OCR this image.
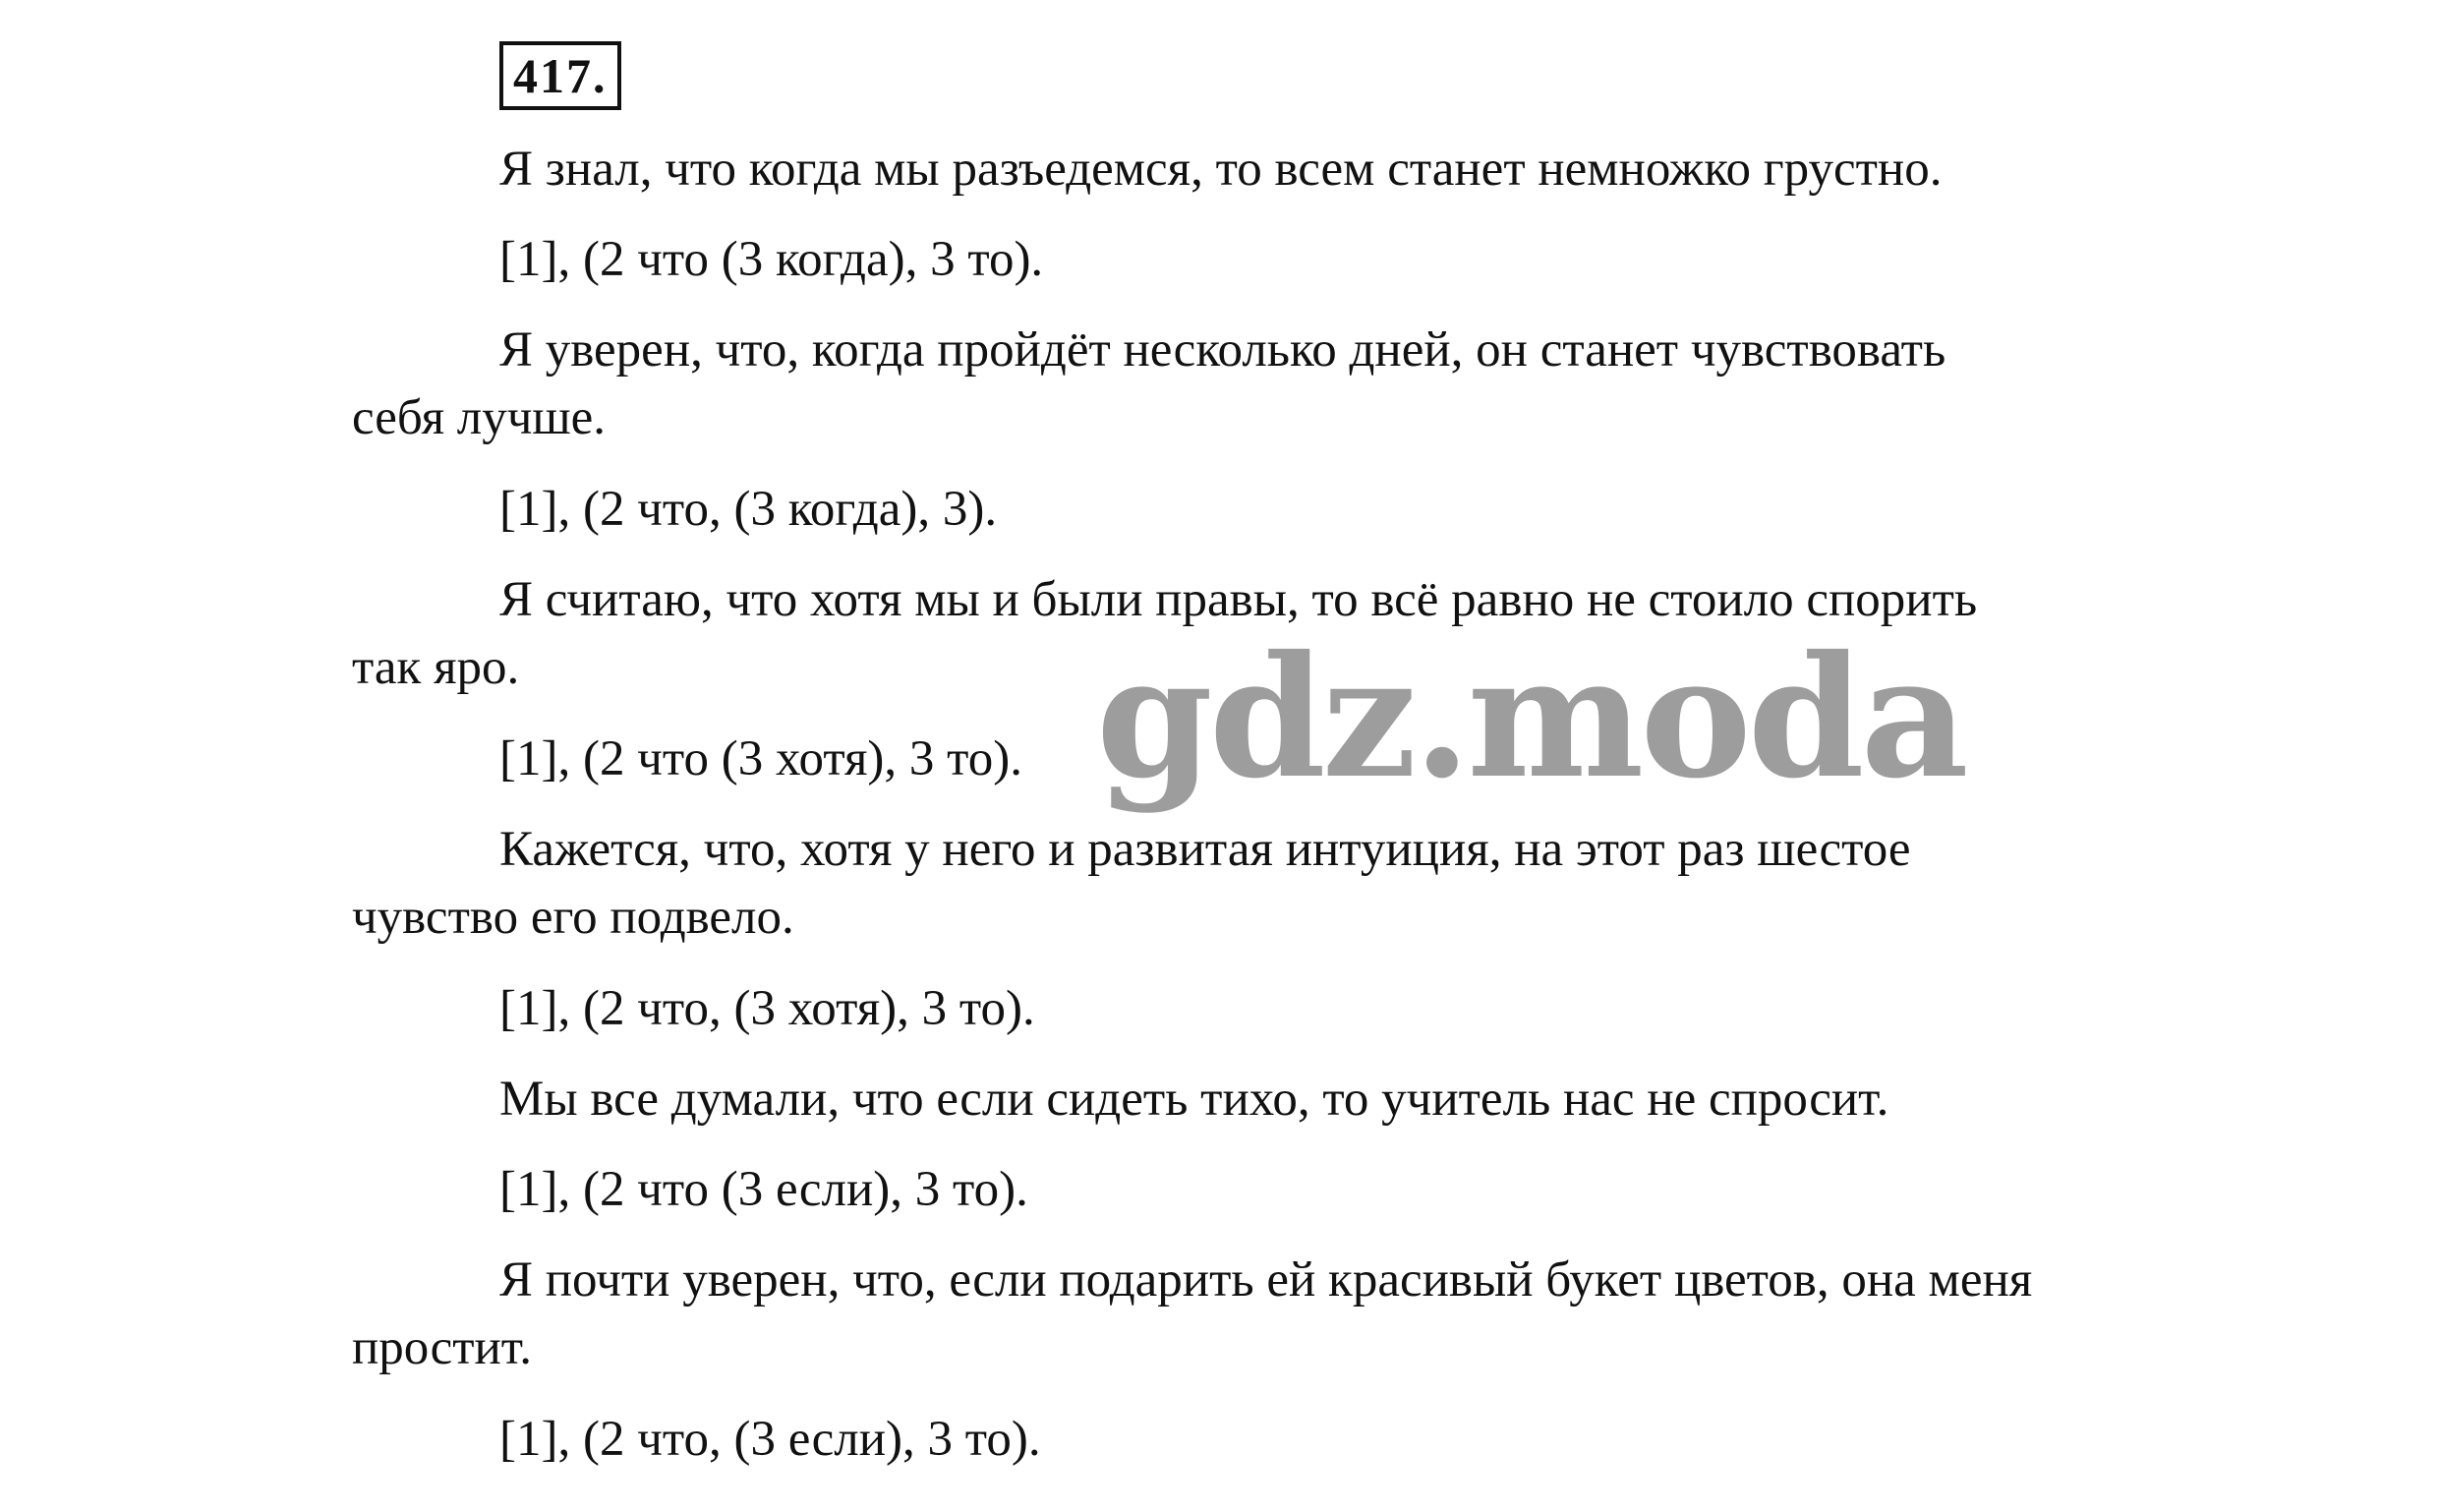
417.
Я знал, что когда мы разъедемся, то всем станет немножко грустно.
[1], (2 что (3 когда), 3 то).
Я уверен, что, когда пройдёт несколько дней, он станет чувствовать
себя лучше.
[1], (2 что, (3 когда), 3).
Я считаю, что хотя мы и были правы, то всё равно не стоило спорить
так яро.
[1], (2 что (3 хотя), 3 то).
Кажется, что, хотя у него и развитая интуиция, на этот раз шестое
чувство его подвело.
[1], (2 что, (3 хотя), 3 то).
Мы все думали, что если сидеть тихо, то учитель нас не спросит.
[1], (2 что (3 если), 3 то).
Я почти уверен, что, если подарить ей красивый букет цветов, она меня
простит.
[1], (2 что, (3 если), 3 то).
gdz.moda
